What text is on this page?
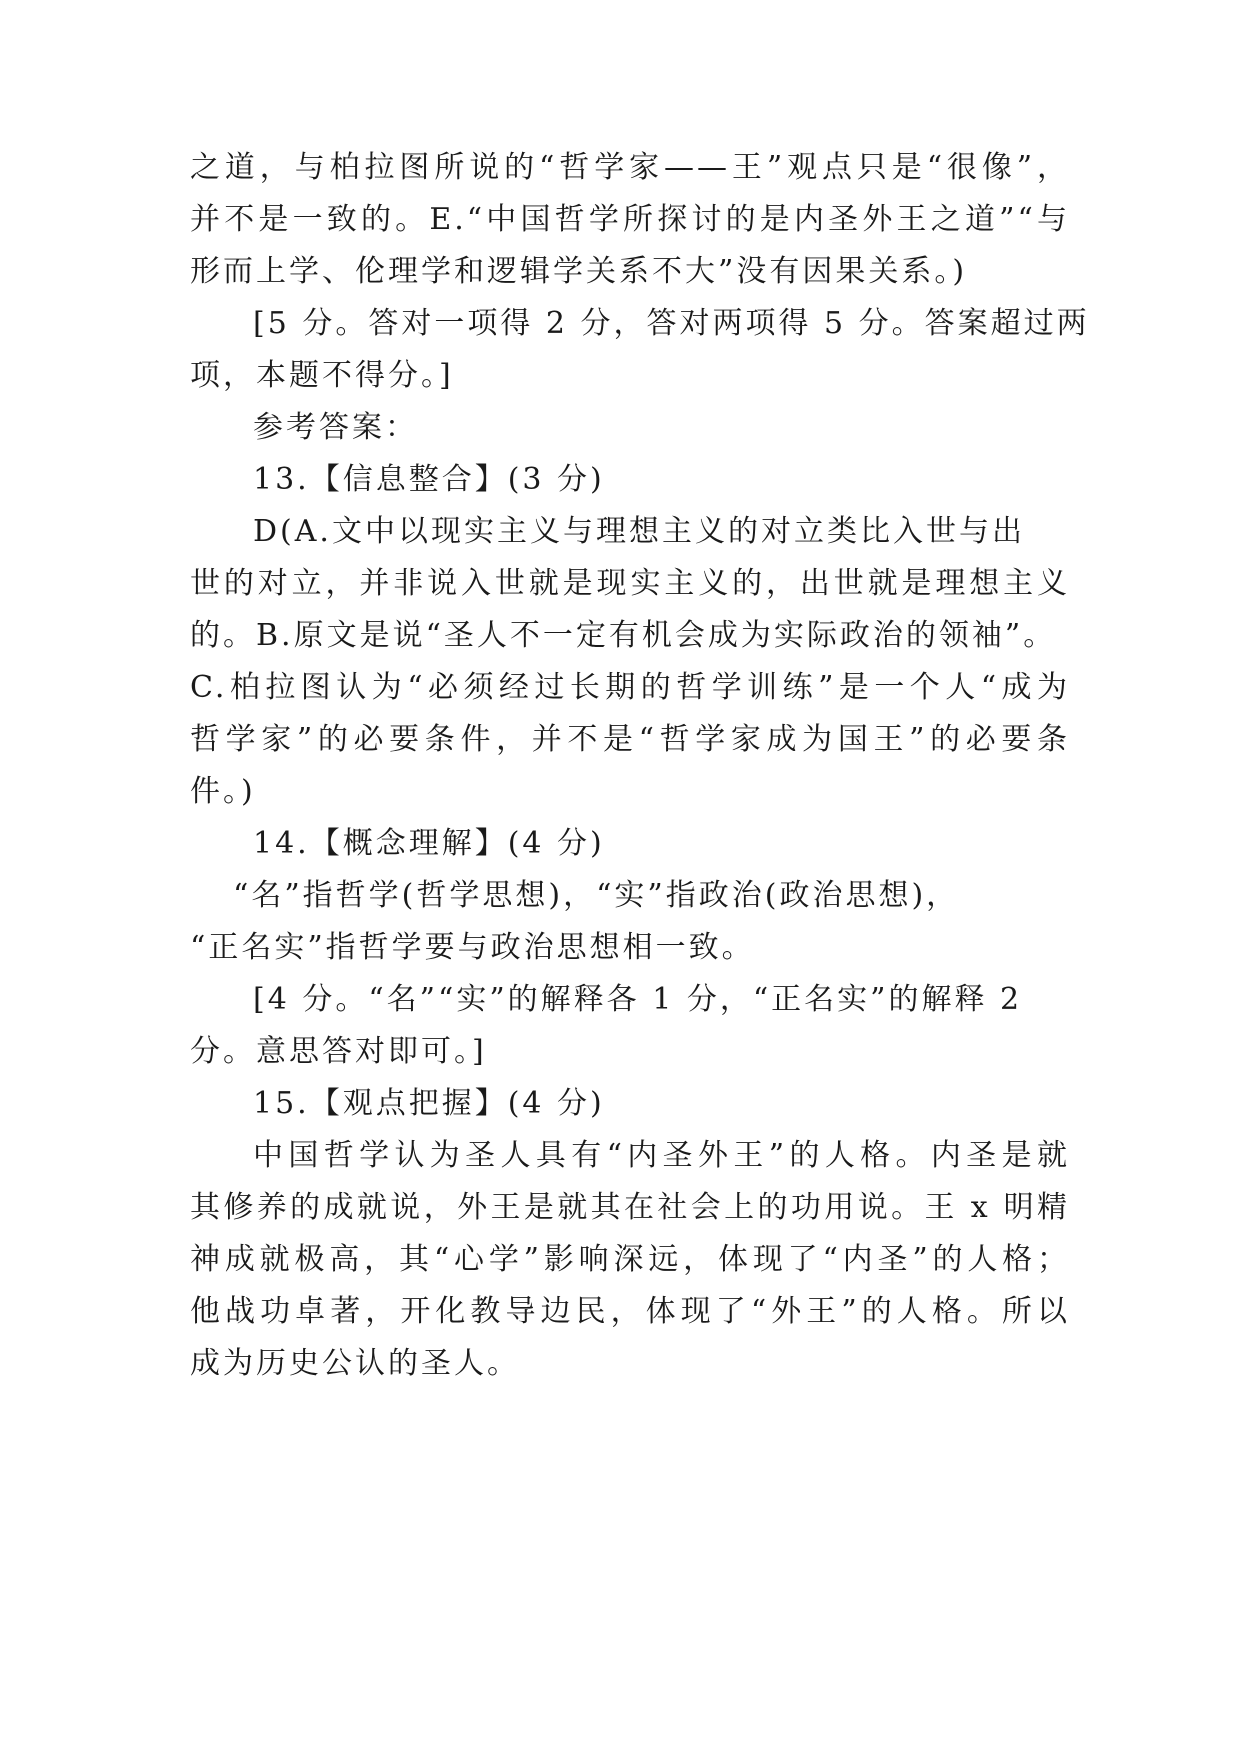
之道，与柏拉图所说的“哲学家——王”观点只是“很像”，
并不是一致的。E.“中国哲学所探讨的是内圣外王之道”“与
形而上学、伦理学和逻辑学关系不大”没有因果关系。)
[5 分。答对一项得 2 分，答对两项得 5 分。答案超过两
项，本题不得分。]
参考答案：
13.【信息整合】(3 分)
D(A.文中以现实主义与理想主义的对立类比入世与出
世的对立，并非说入世就是现实主义的，出世就是理想主义
的。B.原文是说“圣人不一定有机会成为实际政治的领袖”。
C.柏拉图认为“必须经过长期的哲学训练”是一个人“成为
哲学家”的必要条件，并不是“哲学家成为国王”的必要条
件。)
14.【概念理解】(4 分)
“名”指哲学(哲学思想)，“实”指政治(政治思想)，
“正名实”指哲学要与政治思想相一致。
[4 分。“名”“实”的解释各 1 分，“正名实”的解释 2
分。意思答对即可。]
15.【观点把握】(4 分)
中国哲学认为圣人具有“内圣外王”的人格。内圣是就
其修养的成就说，外王是就其在社会上的功用说。王 x 明精
神成就极高，其“心学”影响深远，体现了“内圣”的人格；
他战功卓著，开化教导边民，体现了“外王”的人格。所以
成为历史公认的圣人。
